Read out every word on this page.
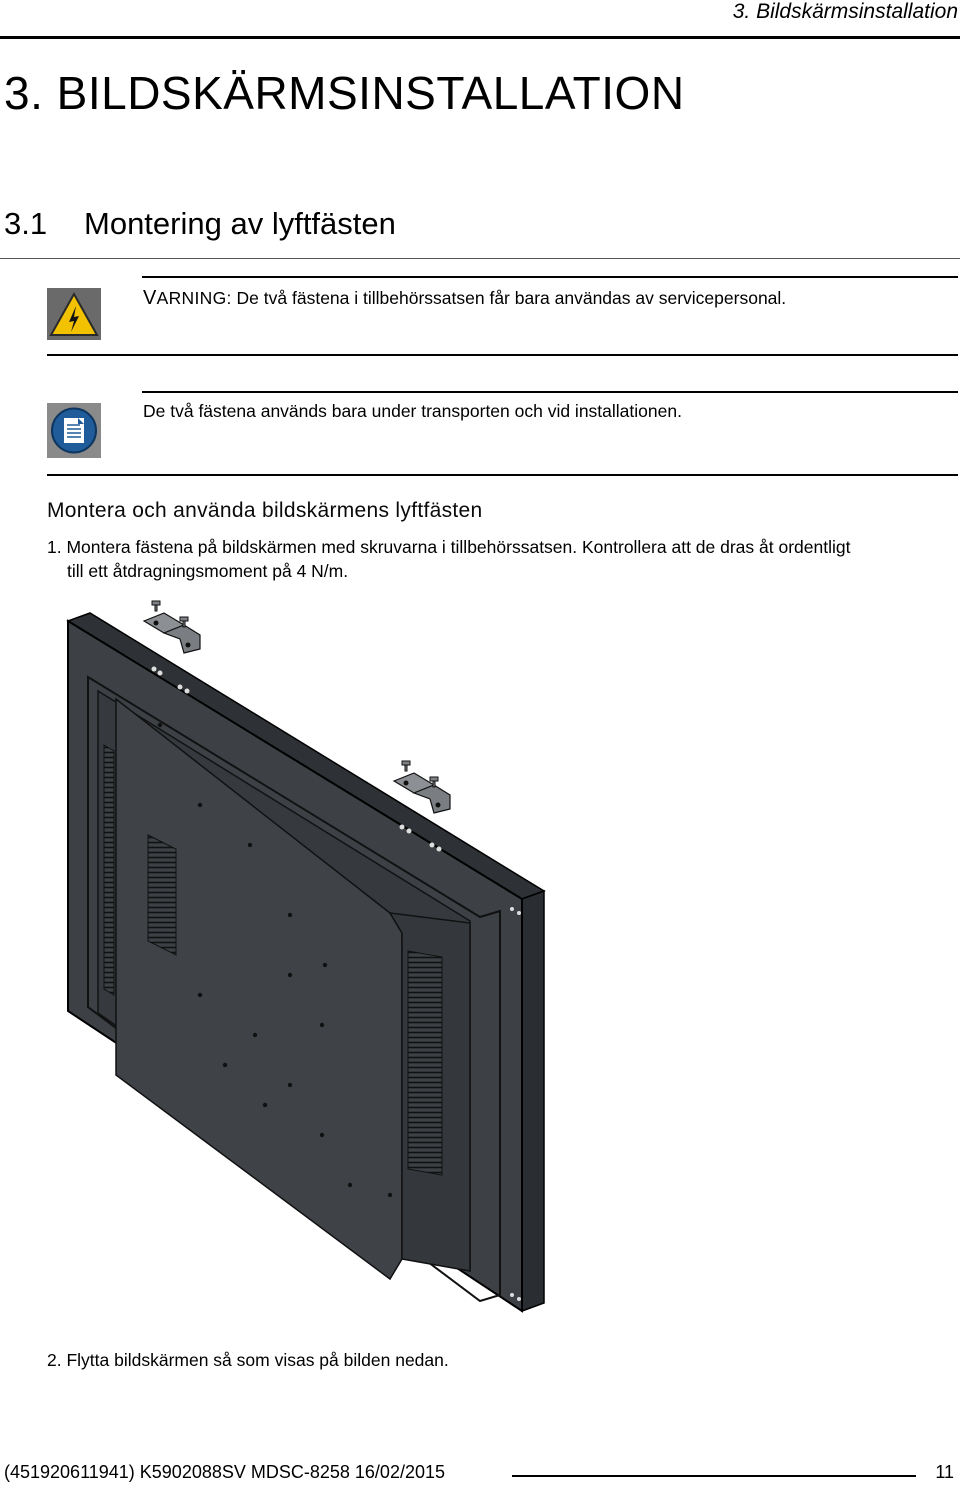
3. Bildskärmsinstallation
3. BILDSKÄRMSINSTALLATION
3.1 Montering av lyftfästen
VARNING: De två fästena i tillbehörssatsen får bara användas av servicepersonal.
De två fästena används bara under transporten och vid installationen.
Montera och använda bildskärmens lyftfästen
1. Montera fästena på bildskärmen med skruvarna i tillbehörssatsen. Kontrollera att de dras åt ordentligt
till ett åtdragningsmoment på 4 N/m.
2. Flytta bildskärmen så som visas på bilden nedan.
(451920611941) K5902088SV MDSC-8258 16/02/2015	11
